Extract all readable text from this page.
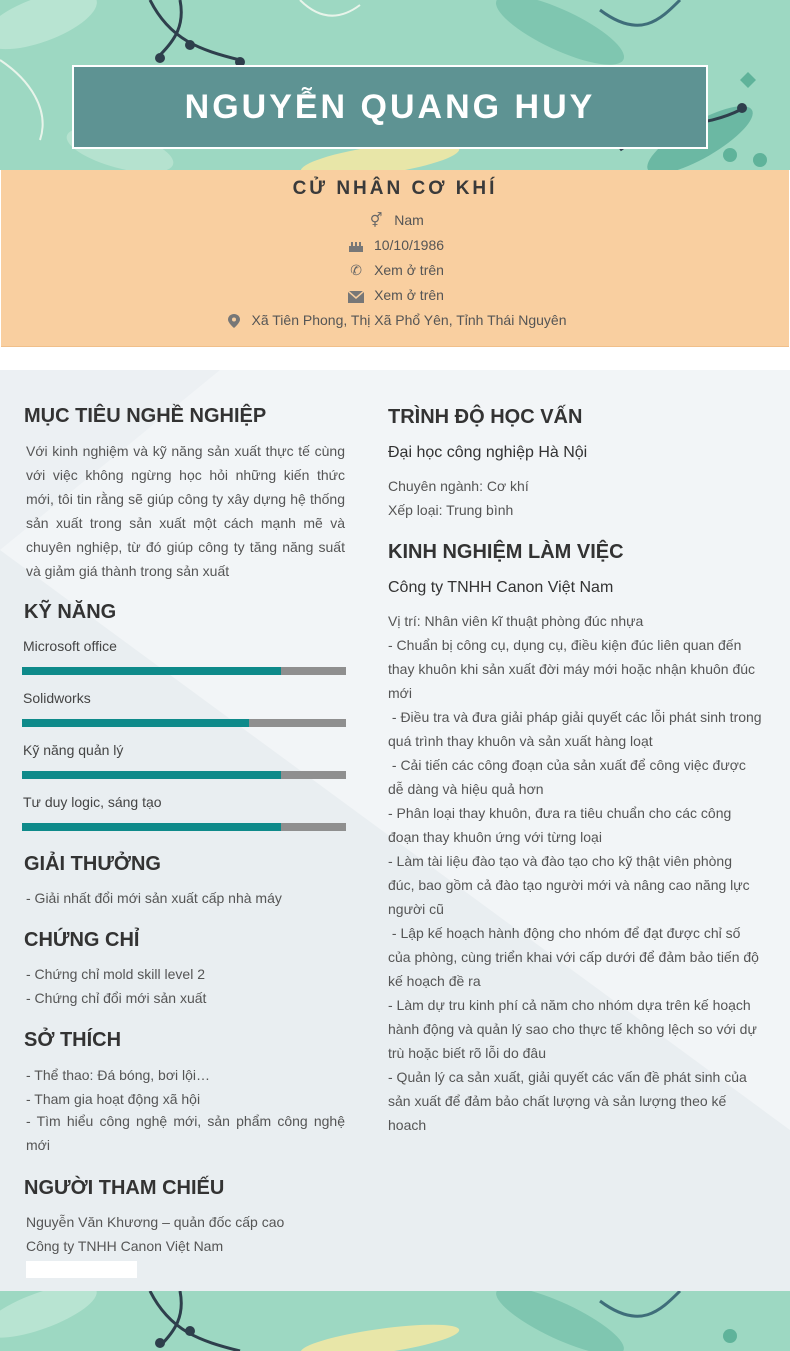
NGUYỄN QUANG HUY
CỬ NHÂN CƠ KHÍ
⚥ Nam
10/10/1986
✆ Xem ở trên
Xem ở trên
Xã Tiên Phong, Thị Xã Phổ Yên, Tỉnh Thái Nguyên
MỤC TIÊU NGHỀ NGHIỆP
Với kinh nghiệm và kỹ năng sản xuất thực tế cùng với việc không ngừng học hỏi những kiến thức mới, tôi tin rằng sẽ giúp công ty xây dựng hệ thống sản xuất trong sản xuất một cách mạnh mẽ và chuyên nghiệp, từ đó giúp công ty tăng năng suất và giảm giá thành trong sản xuất
KỸ NĂNG
Microsoft office
Solidworks
Kỹ năng quản lý
Tư duy logic, sáng tạo
GIẢI THƯỞNG
- Giải nhất đổi mới sản xuất cấp nhà máy
CHỨNG CHỈ
- Chứng chỉ mold skill level 2
- Chứng chỉ đổi mới sản xuất
SỞ THÍCH
- Thể thao: Đá bóng, bơi lội…
- Tham gia hoạt động xã hội
- Tìm hiểu công nghệ mới, sản phẩm công nghệ mới
NGƯỜI THAM CHIẾU
Nguyễn Văn Khương – quản đốc cấp cao
Công ty TNHH Canon Việt Nam
TRÌNH ĐỘ HỌC VẤN
Đại học công nghiệp Hà Nội
Chuyên ngành: Cơ khí
Xếp loại: Trung bình
KINH NGHIỆM LÀM VIỆC
Công ty TNHH Canon Việt Nam
Vị trí: Nhân viên kĩ thuật phòng đúc nhựa
- Chuẩn bị công cụ, dụng cụ, điều kiện đúc liên quan đến
thay khuôn khi sản xuất đời máy mới hoặc nhận khuôn đúc
mới
- Điều tra và đưa giải pháp giải quyết các lỗi phát sinh trong
quá trình thay khuôn và sản xuất hàng loạt
- Cải tiến các công đoạn của sản xuất để công việc được
dễ dàng và hiệu quả hơn
- Phân loại thay khuôn, đưa ra tiêu chuẩn cho các công
đoạn thay khuôn ứng với từng loại
- Làm tài liệu đào tạo và đào tạo cho kỹ thật viên phòng
đúc, bao gồm cả đào tạo người mới và nâng cao năng lực
người cũ
- Lập kế hoạch hành động cho nhóm để đạt được chỉ số
của phòng, cùng triển khai với cấp dưới để đảm bảo tiến độ
kế hoạch đề ra
- Làm dự tru kinh phí cả năm cho nhóm dựa trên kế hoạch
hành động và quản lý sao cho thực tế không lệch so với dự
trù hoặc biết rõ lỗi do đâu
- Quản lý ca sản xuất, giải quyết các vấn đề phát sinh của
sản xuất để đảm bảo chất lượng và sản lượng theo kế
hoach
